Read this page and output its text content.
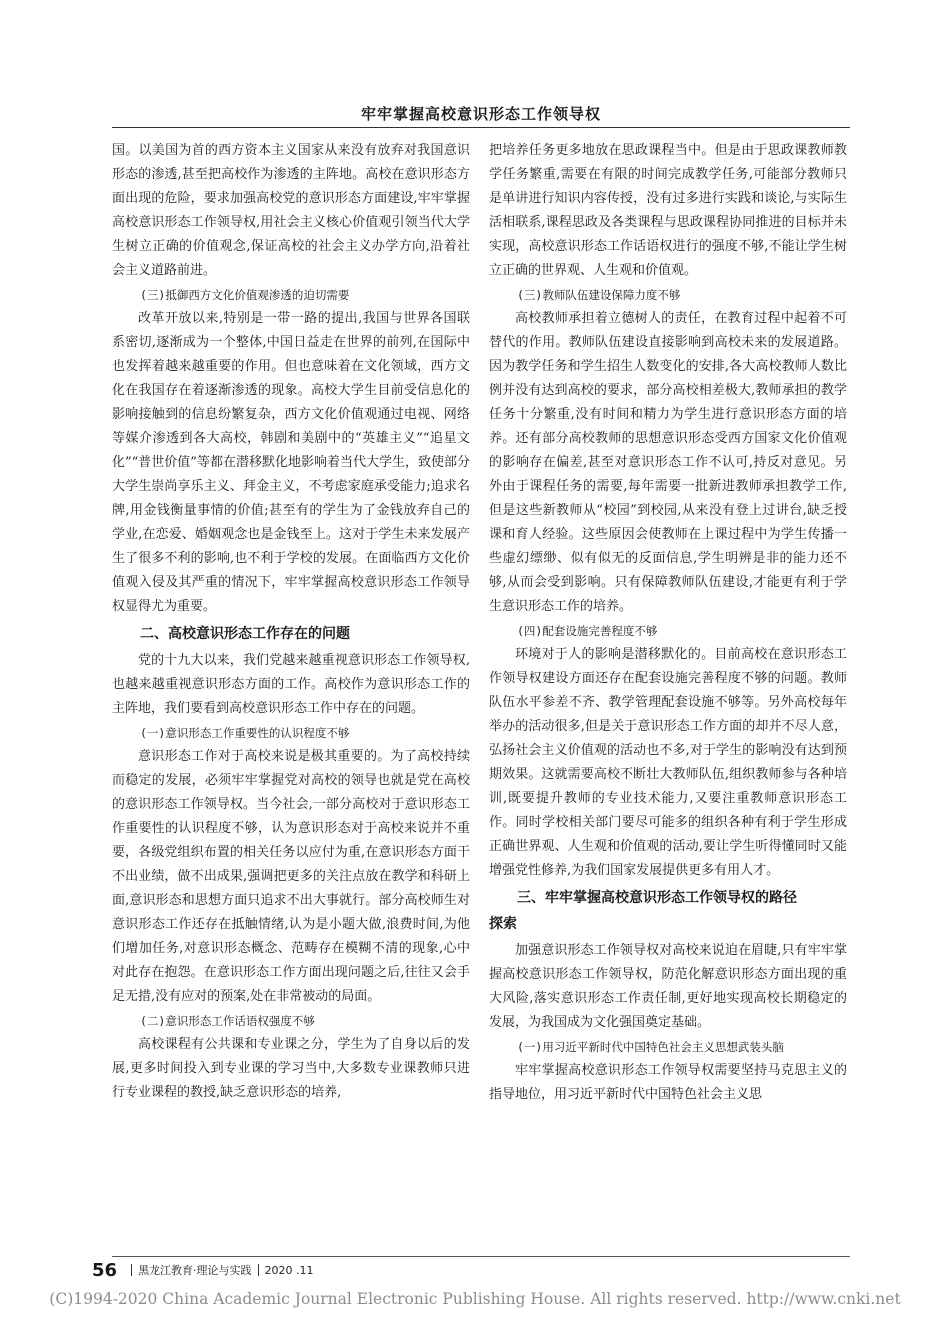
牢牢掌握高校意识形态工作领导权

国。以美国为首的西方资本主义国家从来没有放弃对我国意识形态的渗透,甚至把高校作为渗透的主阵地。高校在意识形态方面出现的危险，要求加强高校党的意识形态方面建设,牢牢掌握高校意识形态工作领导权,用社会主义核心价值观引领当代大学生树立正确的价值观念,保证高校的社会主义办学方向,沿着社会主义道路前进。

(三)抵御西方文化价值观渗透的迫切需要

改革开放以来,特别是一带一路的提出,我国与世界各国联系密切,逐渐成为一个整体,中国日益走在世界的前列,在国际中也发挥着越来越重要的作用。但也意味着在文化领域，西方文化在我国存在着逐渐渗透的现象。高校大学生目前受信息化的影响接触到的信息纷繁复杂，西方文化价值观通过电视、网络等媒介渗透到各大高校，韩剧和美剧中的“英雄主义”“追星文化”“普世价值”等都在潜移默化地影响着当代大学生，致使部分大学生崇尚享乐主义、拜金主义，不考虑家庭承受能力;追求名牌,用金钱衡量事情的价值;甚至有的学生为了金钱放弃自己的学业,在恋爱、婚姻观念也是金钱至上。这对于学生未来发展产生了很多不利的影响,也不利于学校的发展。在面临西方文化价值观入侵及其严重的情况下，牢牢掌握高校意识形态工作领导权显得尤为重要。

二、高校意识形态工作存在的问题

党的十九大以来，我们党越来越重视意识形态工作领导权,也越来越重视意识形态方面的工作。高校作为意识形态工作的主阵地，我们要看到高校意识形态工作中存在的问题。

(一)意识形态工作重要性的认识程度不够

意识形态工作对于高校来说是极其重要的。为了高校持续而稳定的发展，必须牢牢掌握党对高校的领导也就是党在高校的意识形态工作领导权。当今社会,一部分高校对于意识形态工作重要性的认识程度不够，认为意识形态对于高校来说并不重要，各级党组织布置的相关任务以应付为重,在意识形态方面干不出业绩，做不出成果,强调把更多的关注点放在教学和科研上面,意识形态和思想方面只追求不出大事就行。部分高校师生对意识形态工作还存在抵触情绪,认为是小题大做,浪费时间,为他们增加任务,对意识形态概念、范畴存在模糊不清的现象,心中对此存在抱怨。在意识形态工作方面出现问题之后,往往又会手足无措,没有应对的预案,处在非常被动的局面。

(二)意识形态工作话语权强度不够

高校课程有公共课和专业课之分，学生为了自身以后的发展,更多时间投入到专业课的学习当中,大多数专业课教师只进行专业课程的教授,缺乏意识形态的培养,

把培养任务更多地放在思政课程当中。但是由于思政课教师教学任务繁重,需要在有限的时间完成教学任务,可能部分教师只是单讲进行知识内容传授，没有过多进行实践和谈论,与实际生活相联系,课程思政及各类课程与思政课程协同推进的目标并未实现，高校意识形态工作话语权进行的强度不够,不能让学生树立正确的世界观、人生观和价值观。

(三)教师队伍建设保障力度不够

高校教师承担着立德树人的责任，在教育过程中起着不可替代的作用。教师队伍建设直接影响到高校未来的发展道路。因为教学任务和学生招生人数变化的安排,各大高校教师人数比例并没有达到高校的要求，部分高校相差极大,教师承担的教学任务十分繁重,没有时间和精力为学生进行意识形态方面的培养。还有部分高校教师的思想意识形态受西方国家文化价值观的影响存在偏差,甚至对意识形态工作不认可,持反对意见。另外由于课程任务的需要,每年需要一批新进教师承担教学工作,但是这些新教师从“校园”到校园,从来没有登上过讲台,缺乏授课和育人经验。这些原因会使教师在上课过程中为学生传播一些虚幻缥缈、似有似无的反面信息,学生明辨是非的能力还不够,从而会受到影响。只有保障教师队伍建设,才能更有利于学生意识形态工作的培养。

(四)配套设施完善程度不够

环境对于人的影响是潜移默化的。目前高校在意识形态工作领导权建设方面还存在配套设施完善程度不够的问题。教师队伍水平参差不齐、教学管理配套设施不够等。另外高校每年举办的活动很多,但是关于意识形态工作方面的却并不尽人意，弘扬社会主义价值观的活动也不多,对于学生的影响没有达到预期效果。这就需要高校不断壮大教师队伍,组织教师参与各种培训,既要提升教师的专业技术能力,又要注重教师意识形态工作。同时学校相关部门要尽可能多的组织各种有利于学生形成正确世界观、人生观和价值观的活动,要让学生听得懂同时又能增强党性修养,为我们国家发展提供更多有用人才。

三、牢牢掌握高校意识形态工作领导权的路径
探索

加强意识形态工作领导权对高校来说迫在眉睫,只有牢牢掌握高校意识形态工作领导权，防范化解意识形态方面出现的重大风险,落实意识形态工作责任制,更好地实现高校长期稳定的发展，为我国成为文化强国奠定基础。

(一)用习近平新时代中国特色社会主义思想武装头脑

牢牢掌握高校意识形态工作领导权需要坚持马克思主义的指导地位，用习近平新时代中国特色社会主义思

56 黑龙江教育·理论与实践 2020 .11
(C)1994-2020 China Academic Journal Electronic Publishing House. All rights reserved. http://www.cnki.net
